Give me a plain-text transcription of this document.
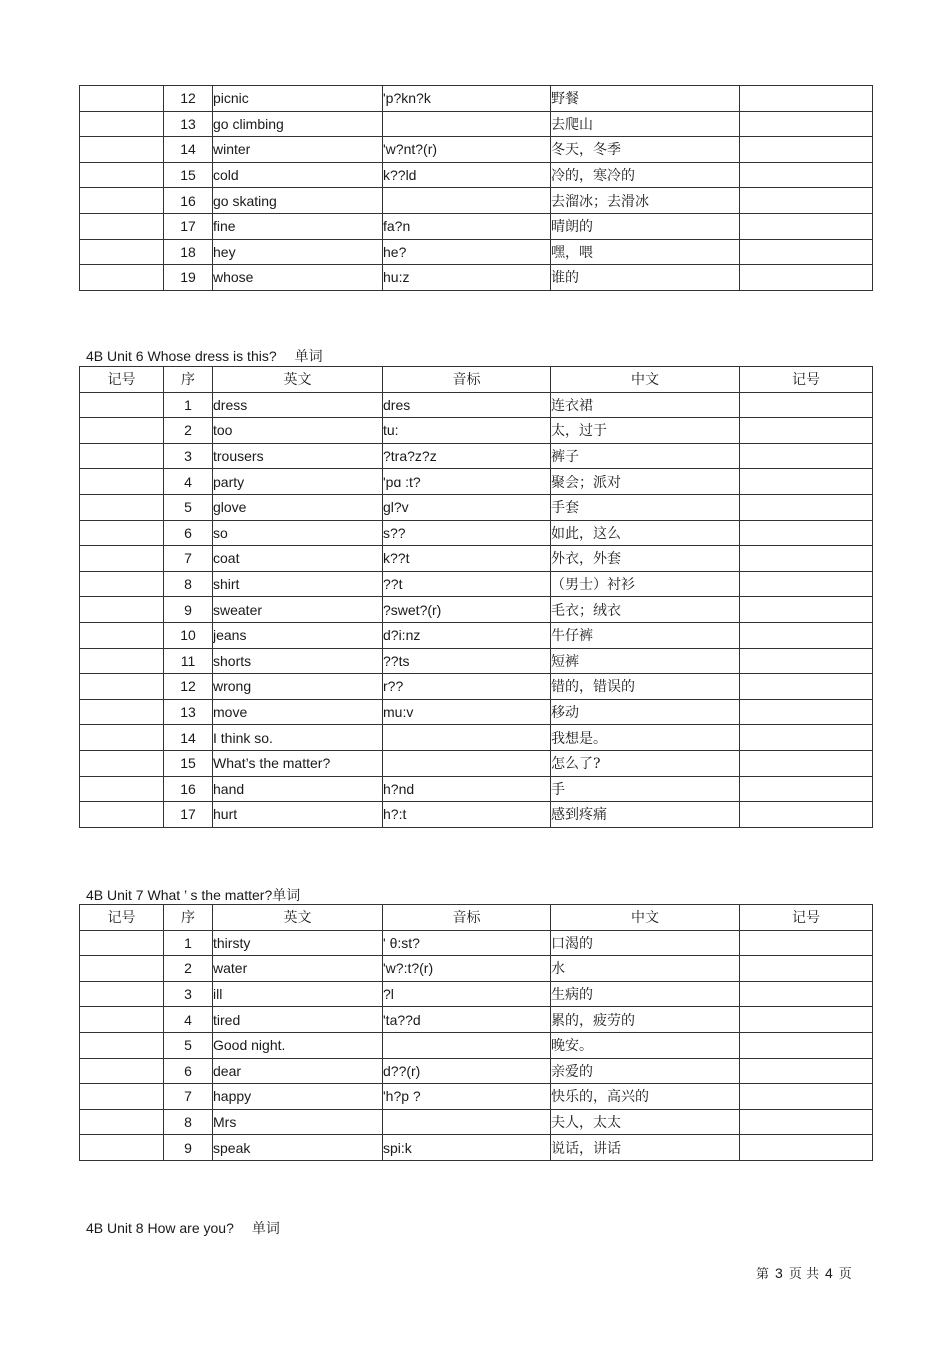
	12	picnic	'p?kn?k	野餐	
	13	go climbing		去爬山	
	14	winter	'w?nt?(r)	冬天，冬季	
	15	cold	k??ld	冷的，寒冷的	
	16	go skating		去溜冰；去滑冰	
	17	fine	fa?n	晴朗的	
	18	hey	he?	嘿，喂	
	19	whose	hu:z	谁的	
4B Unit 6 Whose dress is this? 单词
记号	序	英文	音标	中文	记号
	1	dress	dres	连衣裙	
	2	too	tu:	太，过于	
	3	trousers	?tra?z?z	裤子	
	4	party	'pɑ :t?	聚会；派对	
	5	glove	gl?v	手套	
	6	so	s??	如此，这么	
	7	coat	k??t	外衣，外套	
	8	shirt	??t	（男士）衬衫	
	9	sweater	?swet?(r)	毛衣；绒衣	
	10	jeans	d?i:nz	牛仔裤	
	11	shorts	??ts	短裤	
	12	wrong	r??	错的，错误的	
	13	move	mu:v	移动	
	14	I think so.		我想是。	
	15	What’s the matter?		怎么了?	
	16	hand	h?nd	手	
	17	hurt	h?:t	感到疼痛	
4B Unit 7 What ’ s the matter?单词
记号	序	英文	音标	中文	记号
	1	thirsty	' θ:st?	口渴的	
	2	water	'w?:t?(r)	水	
	3	ill	?l	生病的	
	4	tired	'ta??d	累的，疲劳的	
	5	Good night.		晚安。	
	6	dear	d??(r)	亲爱的	
	7	happy	'h?p ?	快乐的，高兴的	
	8	Mrs		夫人，太太	
	9	speak	spi:k	说话，讲话	
4B Unit 8 How are you? 单词
第 3 页 共 4 页
